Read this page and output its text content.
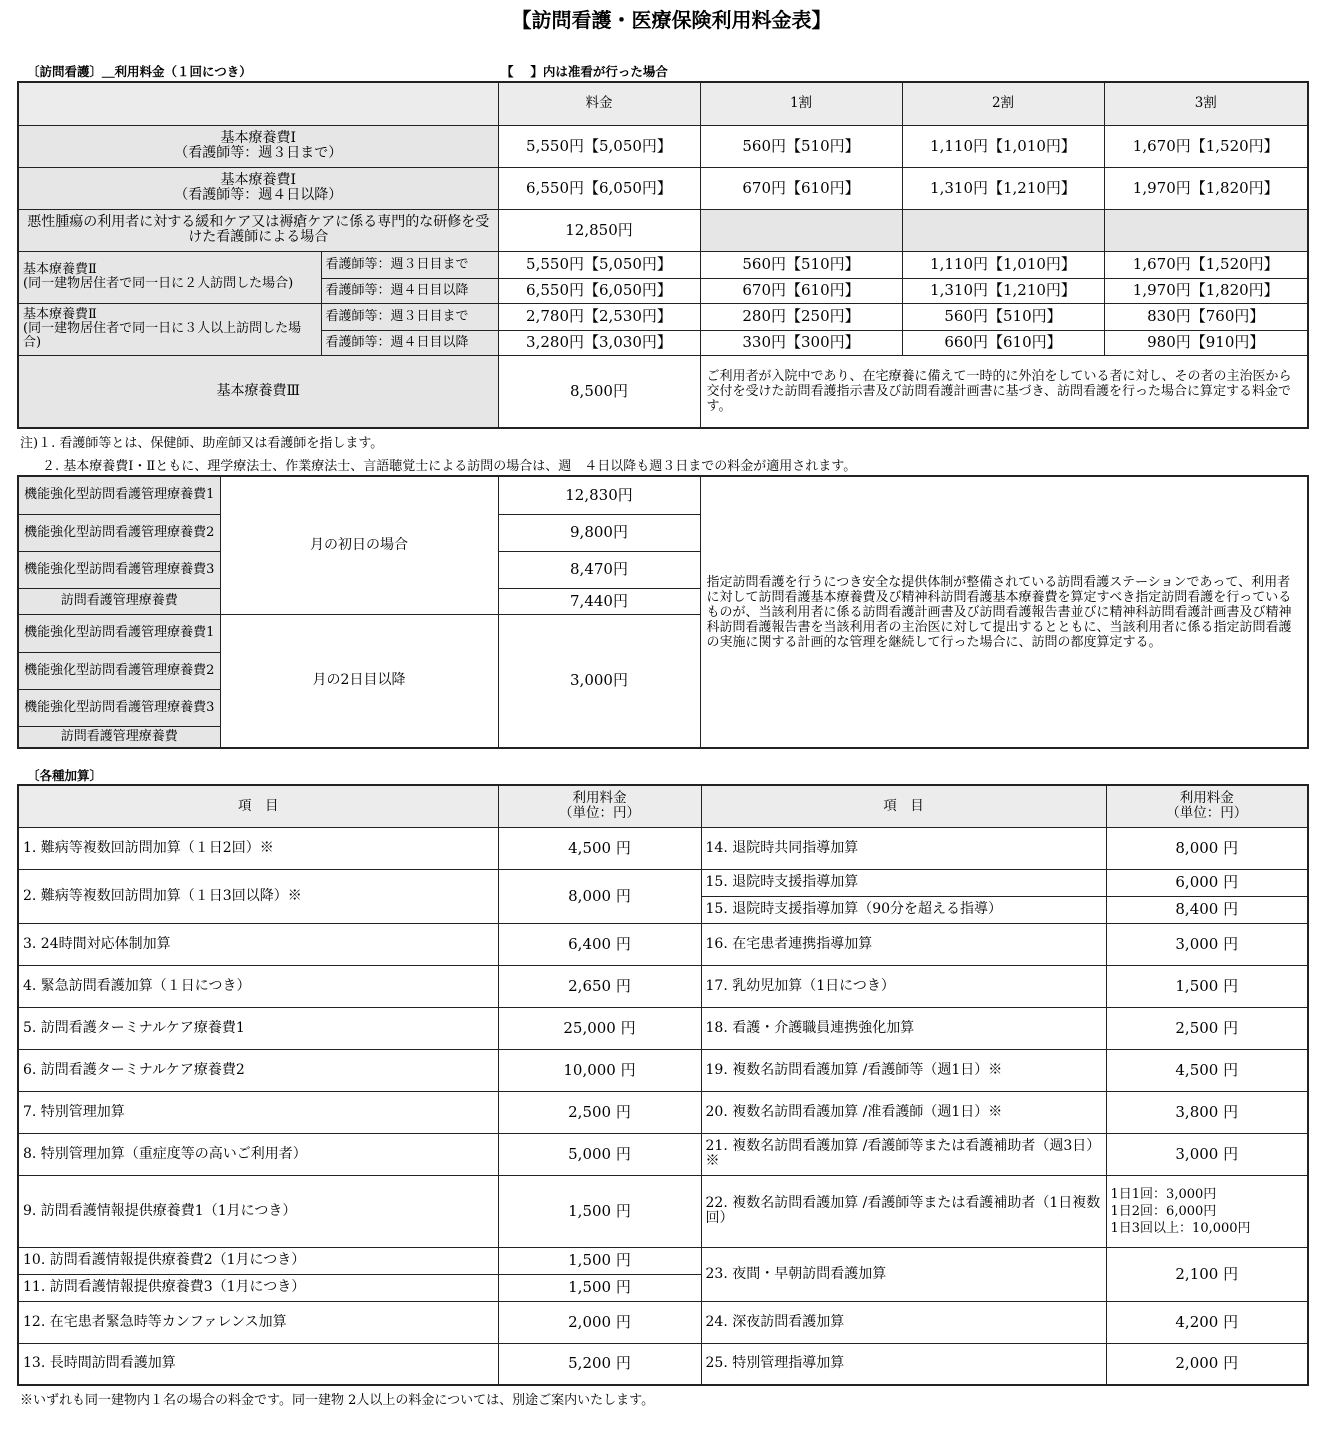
【訪問看護・医療保険利用料金表】
〔訪問看護〕＿利用料金（１回につき）	【　 】内は准看が行った場合
		料金	1割	2割	3割
基本療養費Ⅰ
（看護師等：週３日まで）		5,550円【5,050円】	560円【510円】	1,110円【1,010円】	1,670円【1,520円】
基本療養費Ⅰ
（看護師等：週４日以降）		6,550円【6,050円】	670円【610円】	1,310円【1,210円】	1,970円【1,820円】
悪性腫瘍の利用者に対する緩和ケア又は褥瘡ケアに係る専門的な研修を受けた看護師による場合		12,850円			
基本療養費Ⅱ
(同一建物居住者で同一日に２人訪問した場合)	看護師等：週３日目まで	5,550円【5,050円】	560円【510円】	1,110円【1,010円】	1,670円【1,520円】
	看護師等：週４日目以降	6,550円【6,050円】	670円【610円】	1,310円【1,210円】	1,970円【1,820円】
基本療養費Ⅱ
(同一建物居住者で同一日に３人以上訪問した場合)	看護師等：週３日目まで	2,780円【2,530円】	280円【250円】	560円【510円】	830円【760円】
	看護師等：週４日目以降	3,280円【3,030円】	330円【300円】	660円【610円】	980円【910円】
基本療養費Ⅲ		8,500円	ご利用者が入院中であり、在宅療養に備えて一時的に外泊をしている者に対し、その者の主治医から交付を受けた訪問看護指示書及び訪問看護計画書に基づき、訪問看護を行った場合に算定する料金です。		
注)１. 看護師等とは、保健師、助産師又は看護師を指します。
２. 基本療養費Ⅰ・Ⅱともに、理学療法士、作業療法士、言語聴覚士による訪問の場合は、週　４日以降も週３日までの料金が適用されます。
機能強化型訪問看護管理療養費1	月の初日の場合	12,830円	指定訪問看護を行うにつき安全な提供体制が整備されている訪問看護ステーションであって、利用者に対して訪問看護基本療養費及び精神科訪問看護基本療養費を算定すべき指定訪問看護を行っているものが、当該利用者に係る訪問看護計画書及び訪問看護報告書並びに精神科訪問看護計画書及び精神科訪問看護報告書を当該利用者の主治医に対して提出するとともに、当該利用者に係る指定訪問看護の実施に関する計画的な管理を継続して行った場合に、訪問の都度算定する。
機能強化型訪問看護管理療養費2		9,800円	
機能強化型訪問看護管理療養費3		8,470円	
訪問看護管理療養費		7,440円	
機能強化型訪問看護管理療養費1	月の2日目以降	3,000円	
機能強化型訪問看護管理療養費2			
機能強化型訪問看護管理療養費3			
訪問看護管理療養費			
〔各種加算〕
項　目	利用料金
（単位：円）	項　目	利用料金
（単位：円）
1. 難病等複数回訪問加算（１日2回）※	4,500 円	14. 退院時共同指導加算	8,000 円

2. 難病等複数回訪問加算（１日3回以降）※	8,000 円	15. 退院時支援指導加算	6,000 円
		15. 退院時支援指導加算（90分を超える指導）	8,400 円
3. 24時間対応体制加算	6,400 円	16. 在宅患者連携指導加算	3,000 円
4. 緊急訪問看護加算（１日につき）	2,650 円	17. 乳幼児加算（1日につき）	1,500 円
5. 訪問看護ターミナルケア療養費1	25,000 円	18. 看護・介護職員連携強化加算	2,500 円
6. 訪問看護ターミナルケア療養費2	10,000 円	19. 複数名訪問看護加算 /看護師等（週1日）※	4,500 円
7. 特別管理加算	2,500 円	20. 複数名訪問看護加算 /准看護師（週1日）※	3,800 円
8. 特別管理加算（重症度等の高いご利用者）	5,000 円	21. 複数名訪問看護加算 /看護師等または看護補助者（週3日）※	3,000 円
9. 訪問看護情報提供療養費1（1月につき）	1,500 円	22. 複数名訪問看護加算 /看護師等または看護補助者（1日複数回）	1日1回：3,000円
1日2回：6,000円
1日3回以上：10,000円
10. 訪問看護情報提供療養費2（1月につき）	1,500 円	23. 夜間・早朝訪問看護加算	2,100 円
11. 訪問看護情報提供療養費3（1月につき）	1,500 円		
12. 在宅患者緊急時等カンファレンス加算	2,000 円	24. 深夜訪問看護加算	4,200 円
13. 長時間訪問看護加算	5,200 円	25. 特別管理指導加算	2,000 円
※いずれも同一建物内１名の場合の料金です。同一建物 2人以上の料金については、別途ご案内いたします。
